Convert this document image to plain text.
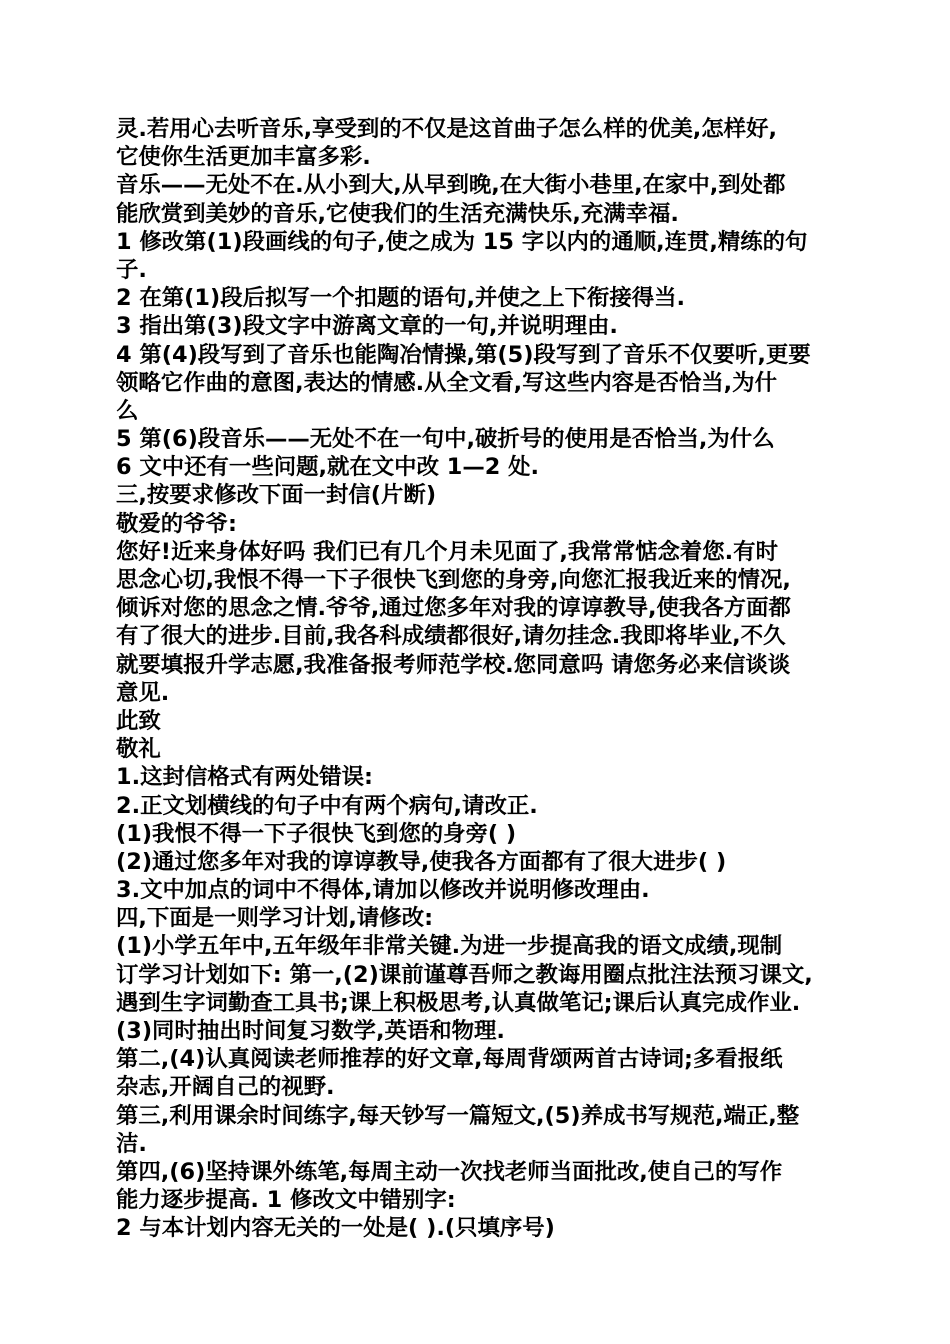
灵.若用心去听音乐,享受到的不仅是这首曲子怎么样的优美,怎样好,
它使你生活更加丰富多彩.
音乐——无处不在.从小到大,从早到晚,在大街小巷里,在家中,到处都
能欣赏到美妙的音乐,它使我们的生活充满快乐,充满幸福.
1 修改第(1)段画线的句子,使之成为 15 字以内的通顺,连贯,精练的句
子.
2 在第(1)段后拟写一个扣题的语句,并使之上下衔接得当.
3 指出第(3)段文字中游离文章的一句,并说明理由.
4 第(4)段写到了音乐也能陶冶情操,第(5)段写到了音乐不仅要听,更要
领略它作曲的意图,表达的情感.从全文看,写这些内容是否恰当,为什
么
5 第(6)段音乐——无处不在一句中,破折号的使用是否恰当,为什么
6 文中还有一些问题,就在文中改 1—2 处.
三,按要求修改下面一封信(片断)
敬爱的爷爷:
您好!近来身体好吗 我们已有几个月未见面了,我常常惦念着您.有时
思念心切,我恨不得一下子很快飞到您的身旁,向您汇报我近来的情况,
倾诉对您的思念之情.爷爷,通过您多年对我的谆谆教导,使我各方面都
有了很大的进步.目前,我各科成绩都很好,请勿挂念.我即将毕业,不久
就要填报升学志愿,我准备报考师范学校.您同意吗 请您务必来信谈谈
意见.
此致
敬礼
1.这封信格式有两处错误:
2.正文划横线的句子中有两个病句,请改正.
(1)我恨不得一下子很快飞到您的身旁( )
(2)通过您多年对我的谆谆教导,使我各方面都有了很大进步( )
3.文中加点的词中不得体,请加以修改并说明修改理由.
四,下面是一则学习计划,请修改:
(1)小学五年中,五年级年非常关键.为进一步提高我的语文成绩,现制
订学习计划如下: 第一,(2)课前谨尊吾师之教诲用圈点批注法预习课文,
遇到生字词勤查工具书;课上积极思考,认真做笔记;课后认真完成作业.
(3)同时抽出时间复习数学,英语和物理.
第二,(4)认真阅读老师推荐的好文章,每周背颂两首古诗词;多看报纸
杂志,开阔自己的视野.
第三,利用课余时间练字,每天钞写一篇短文,(5)养成书写规范,端正,整
洁.
第四,(6)坚持课外练笔,每周主动一次找老师当面批改,使自己的写作
能力逐步提高. 1 修改文中错别字:
2 与本计划内容无关的一处是( ).(只填序号)
